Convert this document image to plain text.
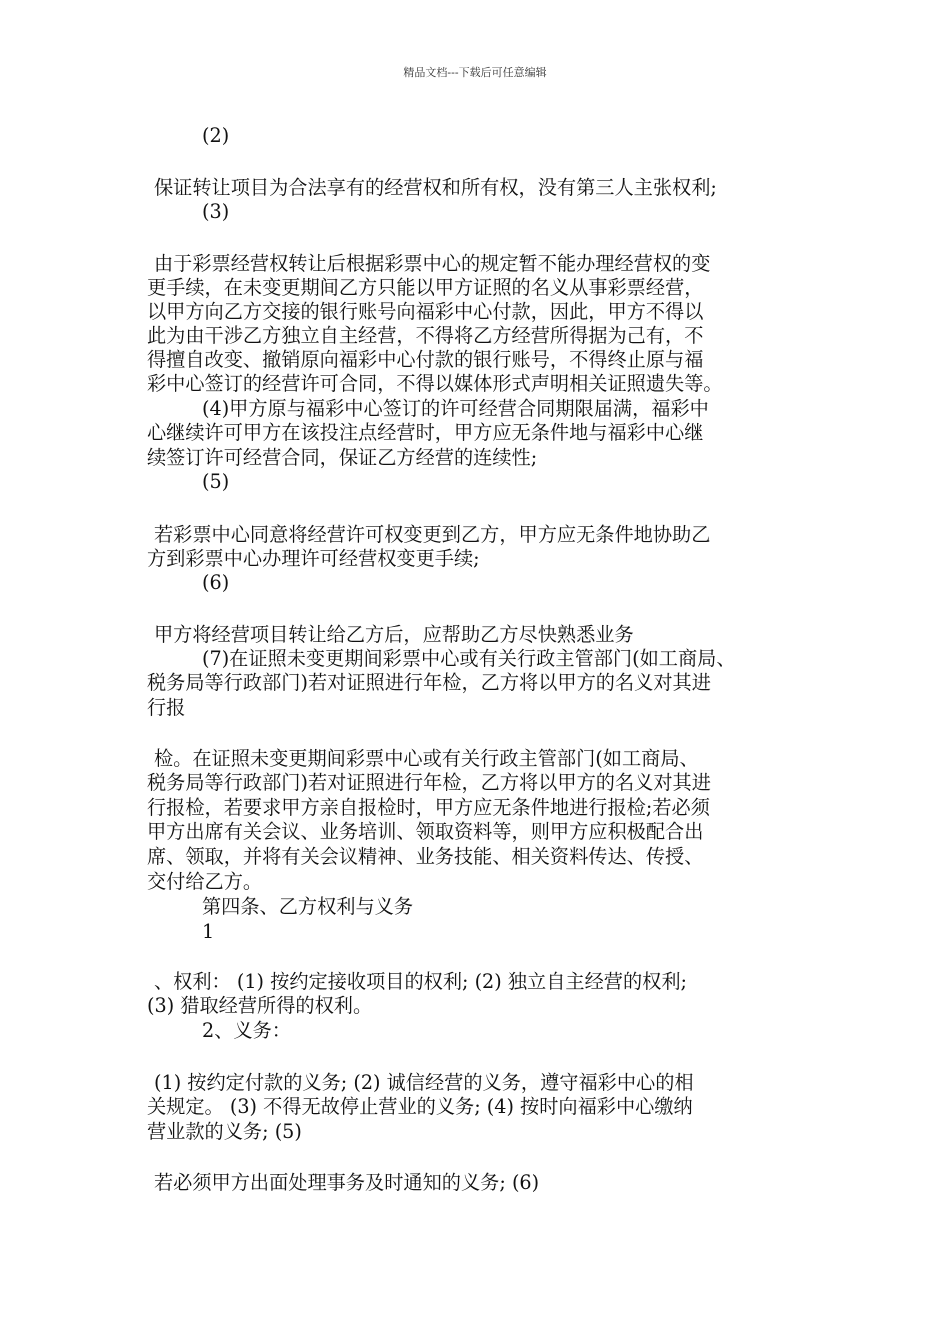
精品文档---下载后可任意编辑
(2)
保证转让项目为合法享有的经营权和所有权，没有第三人主张权利;
(3)
由于彩票经营权转让后根据彩票中心的规定暂不能办理经营权的变
更手续，在未变更期间乙方只能以甲方证照的名义从事彩票经营，
以甲方向乙方交接的银行账号向福彩中心付款，因此，甲方不得以
此为由干涉乙方独立自主经营，不得将乙方经营所得据为己有，不
得擅自改变、撤销原向福彩中心付款的银行账号，不得终止原与福
彩中心签订的经营许可合同，不得以媒体形式声明相关证照遗失等。
(4)甲方原与福彩中心签订的许可经营合同期限届满，福彩中
心继续许可甲方在该投注点经营时，甲方应无条件地与福彩中心继
续签订许可经营合同，保证乙方经营的连续性;
(5)
若彩票中心同意将经营许可权变更到乙方，甲方应无条件地协助乙
方到彩票中心办理许可经营权变更手续;
(6)
甲方将经营项目转让给乙方后，应帮助乙方尽快熟悉业务
(7)在证照未变更期间彩票中心或有关行政主管部门(如工商局、
税务局等行政部门)若对证照进行年检，乙方将以甲方的名义对其进
行报
检。在证照未变更期间彩票中心或有关行政主管部门(如工商局、
税务局等行政部门)若对证照进行年检，乙方将以甲方的名义对其进
行报检，若要求甲方亲自报检时，甲方应无条件地进行报检;若必须
甲方出席有关会议、业务培训、领取资料等，则甲方应积极配合出
席、领取，并将有关会议精神、业务技能、相关资料传达、传授、
交付给乙方。
第四条、乙方权利与义务
1
、权利： (1) 按约定接收项目的权利; (2) 独立自主经营的权利;
(3) 猎取经营所得的权利。
2、义务：
(1) 按约定付款的义务; (2) 诚信经营的义务，遵守福彩中心的相
关规定。 (3) 不得无故停止营业的义务; (4) 按时向福彩中心缴纳
营业款的义务; (5)
若必须甲方出面处理事务及时通知的义务; (6)
